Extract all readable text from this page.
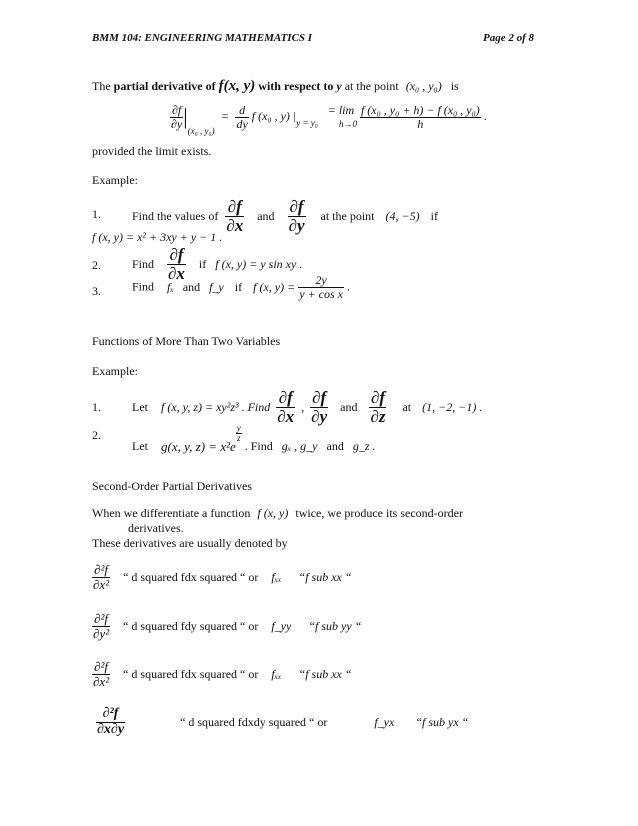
BMM 104: ENGINEERING MATHEMATICS I	Page 2 of 8
The partial derivative of f(x, y) with respect to y at the point (x₀ , y₀) is
$\frac{\partial f}{\partial y} |_{(x_0 , y_0)} = \frac{d}{dy}$ f (x₀ , y) $|_{y = y_0} = \lim$
$h\to 0 \frac{\text{f (x₀ , y₀ + h) − f (x₀ , y₀)}}{h}$ .
provided the limit exists.
Example:
1.	Find the values of $\frac{\partial f}{\partial x}$ and $\frac{\partial f}{\partial y}$ at the point (4, −5) if
f (x, y) = x² + 3xy + y − 1 .
2.	Find $\frac{\partial f}{\partial x}$ if f (x, y) = y sin xy .
3.	Find fₓ and f_y if f (x, $y) = \frac{2y}{\text{y + cos x}}$ .
Functions of More Than Two Variables
Example:
1.	Let f (x, y, z) = xy²z³ . Find $\frac{\partial f}{\partial x}$ , $\frac{\partial f}{\partial y}$ and $\frac{\partial f}{\partial z}$ at (1, −2, −1) .
2.
Let g(x, y, z) = x²e
$\frac{y}{z}$
. Find gₓ , g_y and g_z .
Second-Order Partial Derivatives
When we differentiate a function f (x, y) twice, we produce its second-order
derivatives.
These derivatives are usually denoted by
$\frac{\text{∂²f}}{\text{∂x²}}$ “ d squared fdx squared “ or fₓₓ “f sub xx “
$\frac{\text{∂²f}}{\text{∂y²}}$ “ d squared fdy squared “ or f_yy “f sub yy “
$\frac{\text{∂²f}}{\text{∂x²}}$ “ d squared fdx squared “ or fₓₓ “f sub xx “
$\frac{\text{∂²f}}{\partial x\partial y}$	“ d squared fdxdy squared “ or	f_yx “f sub yx “
